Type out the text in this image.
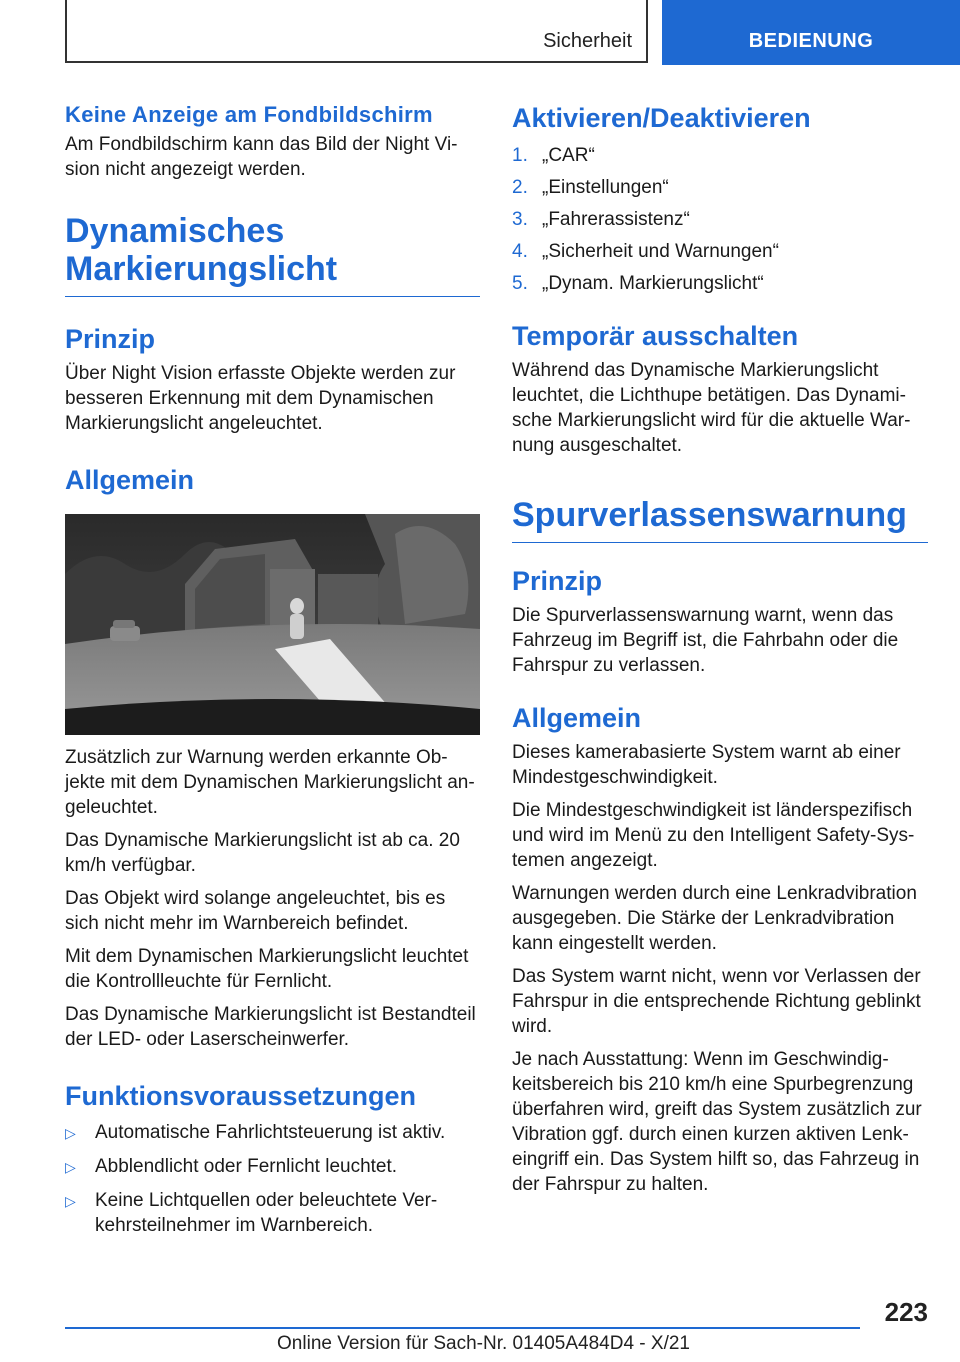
Sicherheit	BEDIENUNG
Keine Anzeige am Fondbildschirm

Am Fondbildschirm kann das Bild der Night Vi-sion nicht angezeigt werden.

Dynamisches
Markierungslicht
Prinzip

Über Night Vision erfasste Objekte werden zur besseren Erkennung mit dem Dynamischen Markierungslicht angeleuchtet.

Allgemein

Zusätzlich zur Warnung werden erkannte Ob-jekte mit dem Dynamischen Markierungslicht an-geleuchtet.

Das Dynamische Markierungslicht ist ab ca. 20 km/h verfügbar.

Das Objekt wird solange angeleuchtet, bis es sich nicht mehr im Warnbereich befindet.

Mit dem Dynamischen Markierungslicht leuchtet die Kontrollleuchte für Fernlicht.

Das Dynamische Markierungslicht ist Bestandteil der LED- oder Laserscheinwerfer.

Funktionsvoraussetzungen
▷	Automatische Fahrlichtsteuerung ist aktiv.
▷	Abblendlicht oder Fernlicht leuchtet.
▷	Keine Lichtquellen oder beleuchtete Ver-kehrsteilnehmer im Warnbereich.
Aktivieren/Deaktivieren
1. „CAR“
2. „Einstellungen“
3. „Fahrerassistenz“
4. „Sicherheit und Warnungen“
5. „Dynam. Markierungslicht“
Temporär ausschalten

Während das Dynamische Markierungslicht leuchtet, die Lichthupe betätigen. Das Dynami-sche Markierungslicht wird für die aktuelle War-nung ausgeschaltet.

Spurverlassenswarnung
Prinzip

Die Spurverlassenswarnung warnt, wenn das Fahrzeug im Begriff ist, die Fahrbahn oder die Fahrspur zu verlassen.

Allgemein

Dieses kamerabasierte System warnt ab einer Mindestgeschwindigkeit.

Die Mindestgeschwindigkeit ist länderspezifisch und wird im Menü zu den Intelligent Safety-Sys-temen angezeigt.

Warnungen werden durch eine Lenkradvibration ausgegeben. Die Stärke der Lenkradvibration kann eingestellt werden.

Das System warnt nicht, wenn vor Verlassen der Fahrspur in die entsprechende Richtung geblinkt wird.

Je nach Ausstattung: Wenn im Geschwindig-keitsbereich bis 210 km/h eine Spurbegrenzung überfahren wird, greift das System zusätzlich zur Vibration ggf. durch einen kurzen aktiven Lenk-eingriff ein. Das System hilft so, das Fahrzeug in der Fahrspur zu halten.

223
Online Version für Sach-Nr. 01405A484D4 - X/21
